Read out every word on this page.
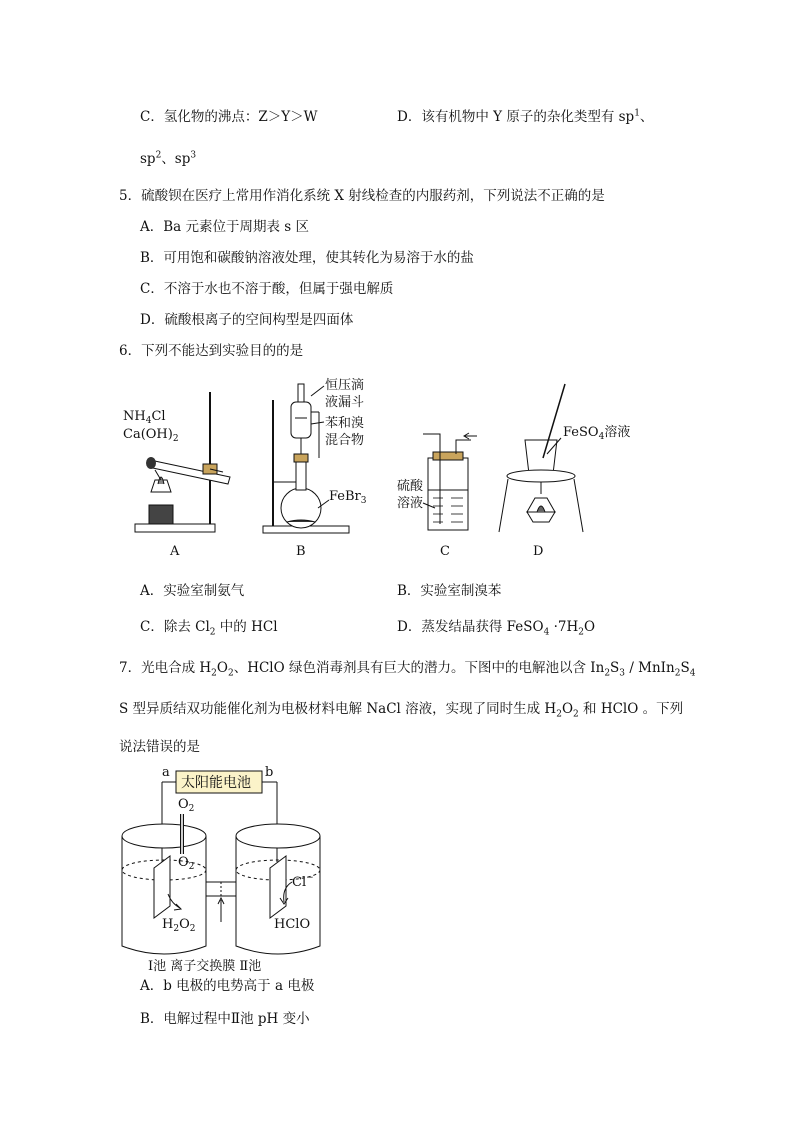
C．氢化物的沸点：Z＞Y＞W	D．该有机物中 Y 原子的杂化类型有 $sp^1$、
$sp^2$、$sp^3$
5．硫酸钡在医疗上常用作消化系统 X 射线检查的内服药剂，下列说法不正确的是
A．Ba 元素位于周期表 s 区
B．可用饱和碳酸钠溶液处理，使其转化为易溶于水的盐
C．不溶于水也不溶于酸，但属于强电解质
D．硫酸根离子的空间构型是四面体
6．下列不能达到实验目的的是
$NH_4Cl$
$Ca(OH)_2$
A
恒压滴
液漏斗
苯和溴
混合物
FeBr$_3$
B
硫酸
溶液
C
FeSO$_4$溶液
D
A．实验室制氨气	B．实验室制溴苯
C．除去 $Cl_2$ 中的 HCl	D．蒸发结晶获得 FeSO$_4$ $\cdot 7H_2O$
7．光电合成 $H_2O_2$、HClO 绿色消毒剂具有巨大的潜力。下图中的电解池以含 $In_2S_3$ / $MnIn_2S_4$
S 型异质结双功能催化剂为电极材料电解 NaCl 溶液，实现了同时生成 $H_2O_2$ 和 HClO 。下列
说法错误的是
a	b
太阳能电池
$O_2$
$O_2$
$H_2O_2$
Cl−
HClO
Ⅰ池 离子交换膜 Ⅱ池
A．b 电极的电势高于 a 电极
B．电解过程中Ⅱ池 pH 变小
